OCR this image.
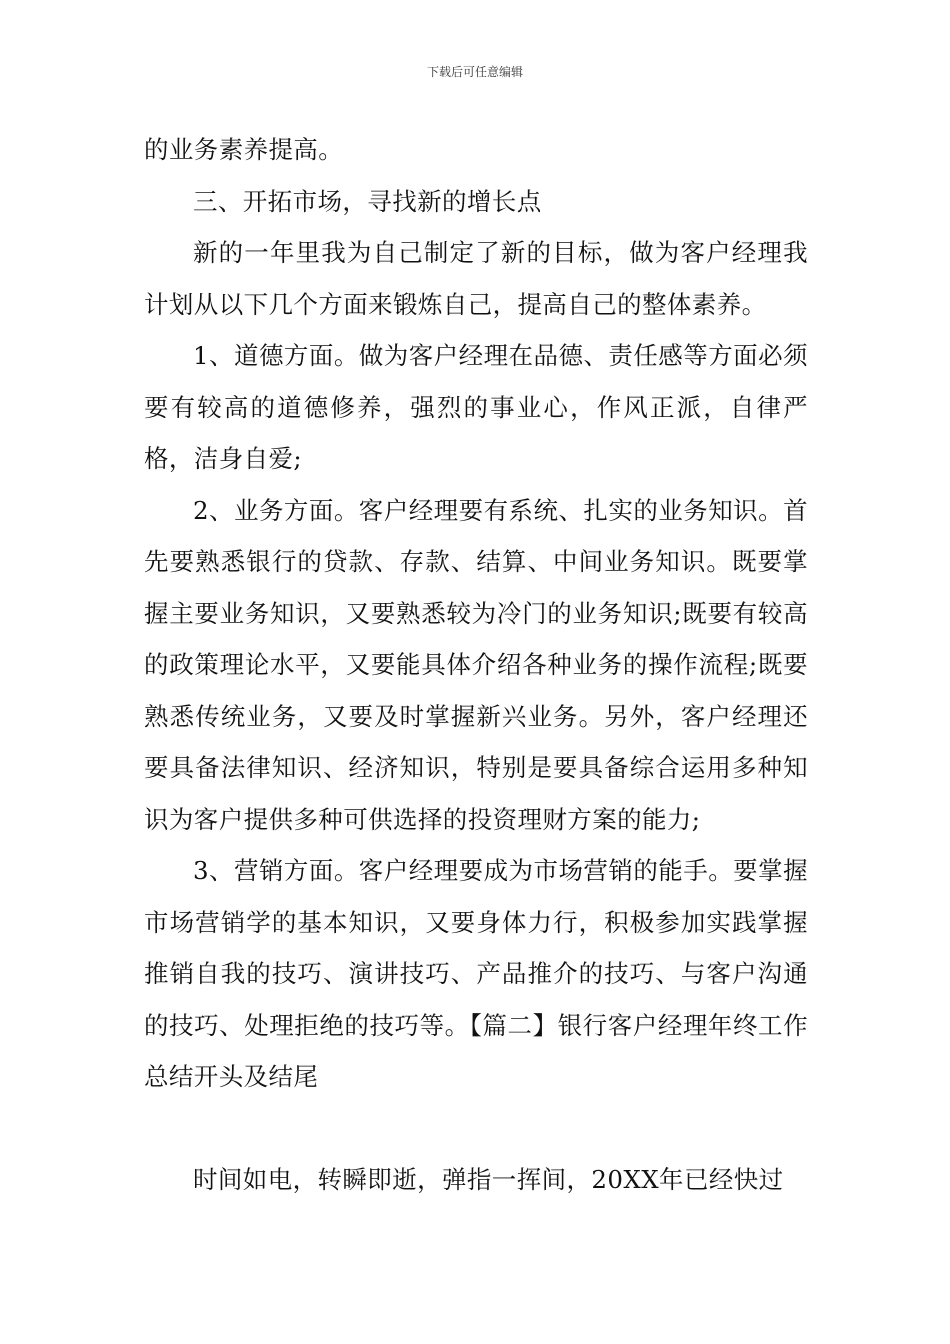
下载后可任意编辑

的业务素养提高。

三、开拓市场，寻找新的增长点

新的一年里我为自己制定了新的目标，做为客户经理我计划从以下几个方面来锻炼自己，提高自己的整体素养。

1、道德方面。做为客户经理在品德、责任感等方面必须要有较高的道德修养，强烈的事业心，作风正派，自律严格，洁身自爱;

2、业务方面。客户经理要有系统、扎实的业务知识。首先要熟悉银行的贷款、存款、结算、中间业务知识。既要掌握主要业务知识，又要熟悉较为冷门的业务知识;既要有较高的政策理论水平，又要能具体介绍各种业务的操作流程;既要熟悉传统业务，又要及时掌握新兴业务。另外，客户经理还要具备法律知识、经济知识，特别是要具备综合运用多种知识为客户提供多种可供选择的投资理财方案的能力;

3、营销方面。客户经理要成为市场营销的能手。要掌握市场营销学的基本知识，又要身体力行，积极参加实践掌握推销自我的技巧、演讲技巧、产品推介的技巧、与客户沟通的技巧、处理拒绝的技巧等。【篇二】银行客户经理年终工作总结开头及结尾

时间如电，转瞬即逝，弹指一挥间，20XX年已经快过
